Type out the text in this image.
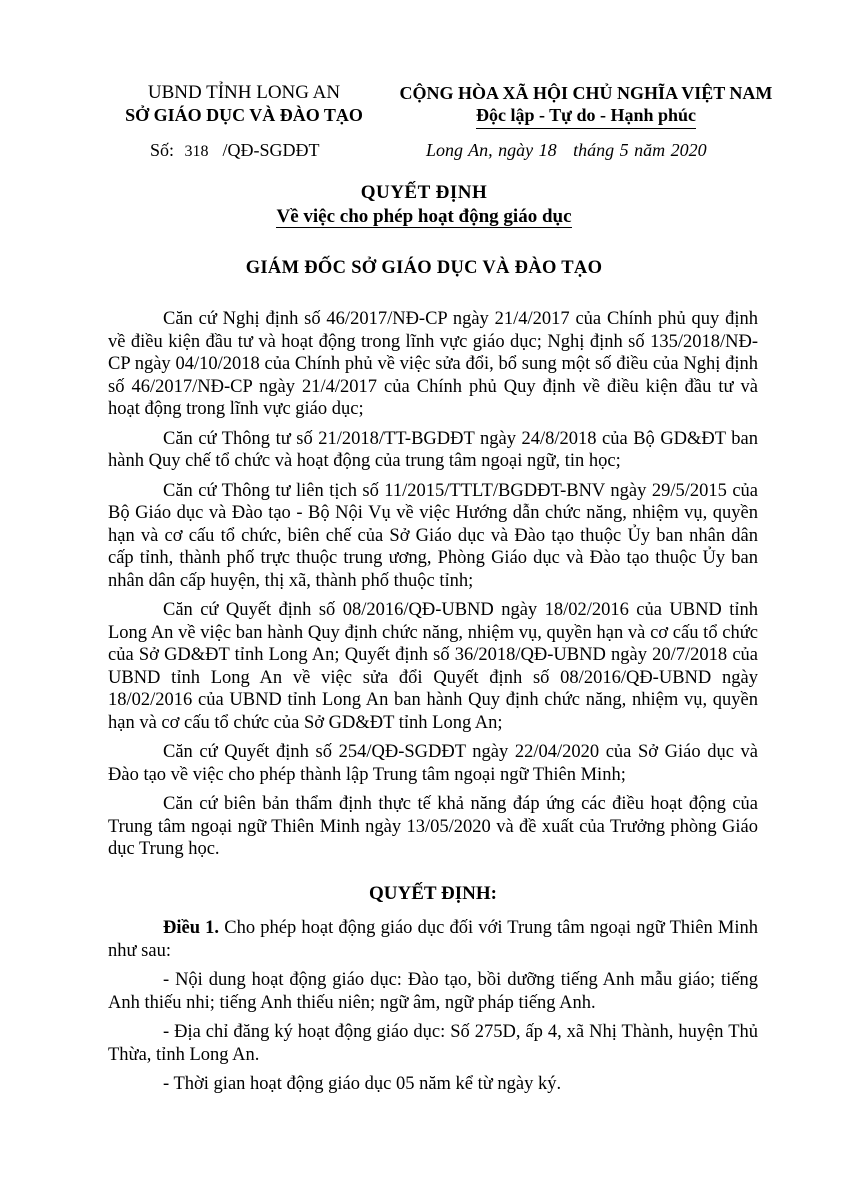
UBND TỈNH LONG AN
SỞ GIÁO DỤC VÀ ĐÀO TẠO
CỘNG HÒA XÃ HỘI CHỦ NGHĨA VIỆT NAM
Độc lập - Tự do - Hạnh phúc
Số: 318 /QĐ-SGDĐT	Long An, ngày 18   tháng 5 năm 2020
QUYẾT ĐỊNH
Về việc cho phép hoạt động giáo dục
GIÁM ĐỐC SỞ GIÁO DỤC VÀ ĐÀO TẠO

Căn cứ Nghị định số 46/2017/NĐ-CP ngày 21/4/2017 của Chính phủ quy định về điều kiện đầu tư và hoạt động trong lĩnh vực giáo dục; Nghị định số 135/2018/NĐ-CP ngày 04/10/2018 của Chính phủ về việc sửa đổi, bổ sung một số điều của Nghị định số 46/2017/NĐ-CP ngày 21/4/2017 của Chính phủ Quy định về điều kiện đầu tư và hoạt động trong lĩnh vực giáo dục;

Căn cứ Thông tư số 21/2018/TT-BGDĐT ngày 24/8/2018 của Bộ GD&ĐT ban hành Quy chế tổ chức và hoạt động của trung tâm ngoại ngữ, tin học;

Căn cứ Thông tư liên tịch số 11/2015/TTLT/BGDĐT-BNV ngày 29/5/2015 của Bộ Giáo dục và Đào tạo - Bộ Nội Vụ về việc Hướng dẫn chức năng, nhiệm vụ, quyền hạn và cơ cấu tổ chức, biên chế của Sở Giáo dục và Đào tạo thuộc Ủy ban nhân dân cấp tỉnh, thành phố trực thuộc trung ương, Phòng Giáo dục và Đào tạo thuộc Ủy ban nhân dân cấp huyện, thị xã, thành phố thuộc tỉnh;

Căn cứ Quyết định số 08/2016/QĐ-UBND ngày 18/02/2016 của UBND tỉnh Long An về việc ban hành Quy định chức năng, nhiệm vụ, quyền hạn và cơ cấu tổ chức của Sở GD&ĐT tỉnh Long An; Quyết định số 36/2018/QĐ-UBND ngày 20/7/2018 của UBND tỉnh Long An về việc sửa đổi Quyết định số 08/2016/QĐ-UBND ngày 18/02/2016 của UBND tỉnh Long An ban hành Quy định chức năng, nhiệm vụ, quyền hạn và cơ cấu tổ chức của Sở GD&ĐT tỉnh Long An;

Căn cứ Quyết định số 254/QĐ-SGDĐT ngày 22/04/2020 của Sở Giáo dục và Đào tạo về việc cho phép thành lập Trung tâm ngoại ngữ Thiên Minh;

Căn cứ biên bản thẩm định thực tế khả năng đáp ứng các điều hoạt động của Trung tâm ngoại ngữ Thiên Minh ngày 13/05/2020 và đề xuất của Trưởng phòng Giáo dục Trung học.

QUYẾT ĐỊNH:

Điều 1. Cho phép hoạt động giáo dục đối với Trung tâm ngoại ngữ Thiên Minh như sau:

- Nội dung hoạt động giáo dục: Đào tạo, bồi dưỡng tiếng Anh mẫu giáo; tiếng Anh thiếu nhi; tiếng Anh thiếu niên; ngữ âm, ngữ pháp tiếng Anh.

- Địa chỉ đăng ký hoạt động giáo dục: Số 275D, ấp 4, xã Nhị Thành, huyện Thủ Thừa, tỉnh Long An.

- Thời gian hoạt động giáo dục 05 năm kể từ ngày ký.
